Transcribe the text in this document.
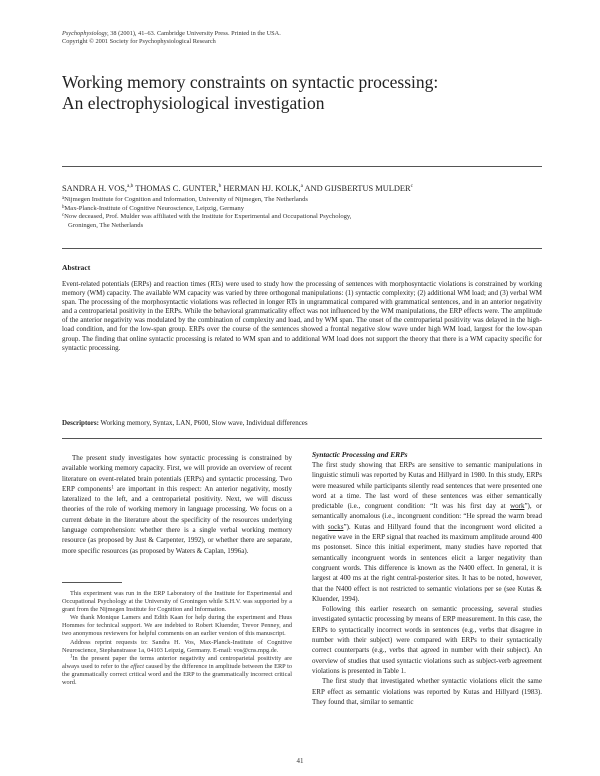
Psychophysiology, 38 (2001), 41–63. Cambridge University Press. Printed in the USA.
Copyright © 2001 Society for Psychophysiological Research
Working memory constraints on syntactic processing:
An electrophysiological investigation
SANDRA H. VOS,$^{a,b}$ THOMAS C. GUNTER,$^b$ HERMAN HJ. KOLK,$^a$ AND GIJSBERTUS MULDER$^c$
$^a$Nijmegen Institute for Cognition and Information, University of Nijmegen, The Netherlands
$^b$Max-Planck-Institute of Cognitive Neuroscience, Leipzig, Germany
$^c$Now deceased, Prof. Mulder was affiliated with the Institute for Experimental and Occupational Psychology,
Groningen, The Netherlands
Abstract
Event-related potentials (ERPs) and reaction times (RTs) were used to study how the processing of sentences with morphosyntactic violations is constrained by working memory (WM) capacity. The available WM capacity was varied by three orthogonal manipulations: (1) syntactic complexity; (2) additional WM load; and (3) verbal WM span. The processing of the morphosyntactic violations was reflected in longer RTs in ungrammatical compared with grammatical sentences, and in an anterior negativity and a centroparietal positivity in the ERPs. While the behavioral grammaticality effect was not influenced by the WM manipulations, the ERP effects were. The amplitude of the anterior negativity was modulated by the combination of complexity and load, and by WM span. The onset of the centroparietal positivity was delayed in the high-load condition, and for the low-span group. ERPs over the course of the sentences showed a frontal negative slow wave under high WM load, largest for the low-span group. The finding that online syntactic processing is related to WM span and to additional WM load does not support the theory that there is a WM capacity specific for syntactic processing.
Descriptors: Working memory, Syntax, LAN, P600, Slow wave, Individual differences

The present study investigates how syntactic processing is constrained by available working memory capacity. First, we will provide an overview of recent literature on event-related brain potentials (ERPs) and syntactic processing. Two ERP components$^1$ are important in this respect: An anterior negativity, mostly lateralized to the left, and a centroparietal positivity. Next, we will discuss theories of the role of working memory in language processing. We focus on a current debate in the literature about the specificity of the resources underlying language comprehension: whether there is a single verbal working memory resource (as proposed by Just & Carpenter, 1992), or whether there are separate, more specific resources (as proposed by Waters & Caplan, 1996a).

This experiment was run in the ERP Laboratory of the Institute for Experimental and Occupational Psychology at the University of Groningen while S.H.V. was supported by a grant from the Nijmegen Institute for Cognition and Information.

We thank Monique Lamers and Edith Kaan for help during the experiment and Huus Hommes for technical support. We are indebted to Robert Kluender, Trevor Penney, and two anonymous reviewers for helpful comments on an earlier version of this manuscript.

Address reprint requests to: Sandra H. Vos, Max-Planck-Institute of Cognitive Neuroscience, Stephanstrasse 1a, 04103 Leipzig, Germany. E-mail: vos@cns.mpg.de.

$^1$In the present paper the terms anterior negativity and centroparietal positivity are always used to refer to the effect caused by the difference in amplitude between the ERP to the grammatically correct critical word and the ERP to the grammatically incorrect critical word.

Syntactic Processing and ERPs

The first study showing that ERPs are sensitive to semantic manipulations in linguistic stimuli was reported by Kutas and Hillyard in 1980. In this study, ERPs were measured while participants silently read sentences that were presented one word at a time. The last word of these sentences was either semantically predictable (i.e., congruent condition: “It was his first day at work”), or semantically anomalous (i.e., incongruent condition: “He spread the warm bread with socks”). Kutas and Hillyard found that the incongruent word elicited a negative wave in the ERP signal that reached its maximum amplitude around 400 ms postonset. Since this initial experiment, many studies have reported that semantically incongruent words in sentences elicit a larger negativity than congruent words. This difference is known as the N400 effect. In general, it is largest at 400 ms at the right central-posterior sites. It has to be noted, however, that the N400 effect is not restricted to semantic violations per se (see Kutas & Kluender, 1994).

Following this earlier research on semantic processing, several studies investigated syntactic processing by means of ERP measurement. In this case, the ERPs to syntactically incorrect words in sentences (e.g., verbs that disagree in number with their subject) were compared with ERPs to their syntactically correct counterparts (e.g., verbs that agreed in number with their subject). An overview of studies that used syntactic violations such as subject-verb agreement violations is presented in Table 1.

The first study that investigated whether syntactic violations elicit the same ERP effect as semantic violations was reported by Kutas and Hillyard (1983). They found that, similar to semantic

41
